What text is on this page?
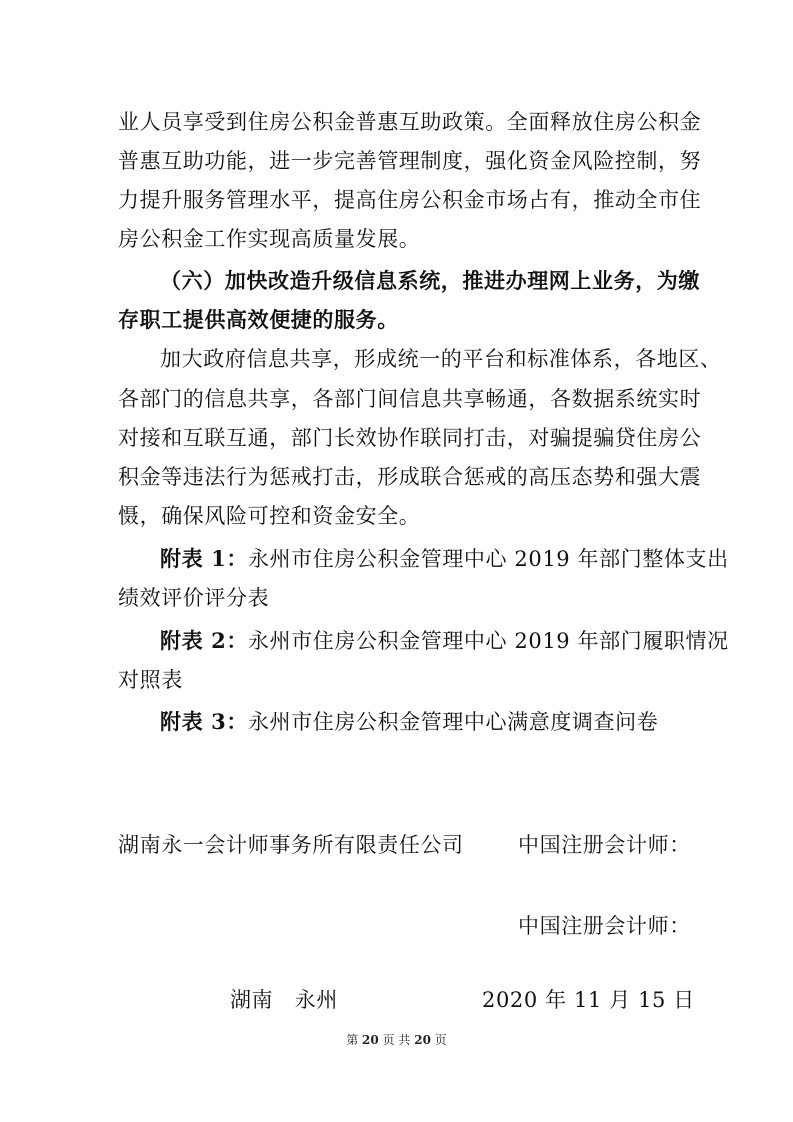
业人员享受到住房公积金普惠互助政策。全面释放住房公积金
普惠互助功能，进一步完善管理制度，强化资金风险控制，努
力提升服务管理水平，提高住房公积金市场占有，推动全市住
房公积金工作实现高质量发展。
（六）加快改造升级信息系统，推进办理网上业务，为缴
存职工提供高效便捷的服务。
加大政府信息共享，形成统一的平台和标准体系，各地区、
各部门的信息共享，各部门间信息共享畅通，各数据系统实时
对接和互联互通，部门长效协作联同打击，对骗提骗贷住房公
积金等违法行为惩戒打击，形成联合惩戒的高压态势和强大震
慑，确保风险可控和资金安全。
附表 1：永州市住房公积金管理中心 2019 年部门整体支出
绩效评价评分表
附表 2：永州市住房公积金管理中心 2019 年部门履职情况
对照表
附表 3：永州市住房公积金管理中心满意度调查问卷
湖南永一会计师事务所有限责任公司	中国注册会计师：
中国注册会计师：
湖南　永州	2020 年 11 月 15 日
第 20 页 共 20 页
